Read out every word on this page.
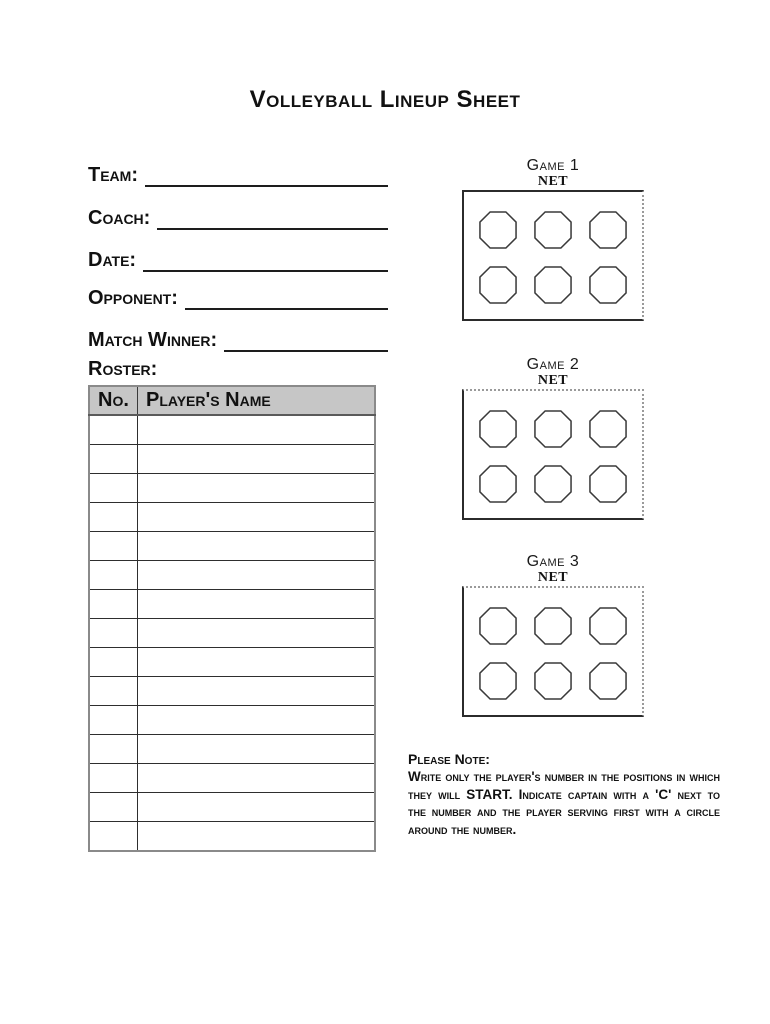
Volleyball Lineup Sheet
Team:
Coach:
Date:
Opponent:
Match Winner:
Roster:
No.	Player's Name

Game 1
NET
Game 2
NET
Game 3
NET
Please Note:

Write only the player's number in the positions in which they will START. Indicate captain with a 'C' next to the number and the player serving first with a circle around the number.
